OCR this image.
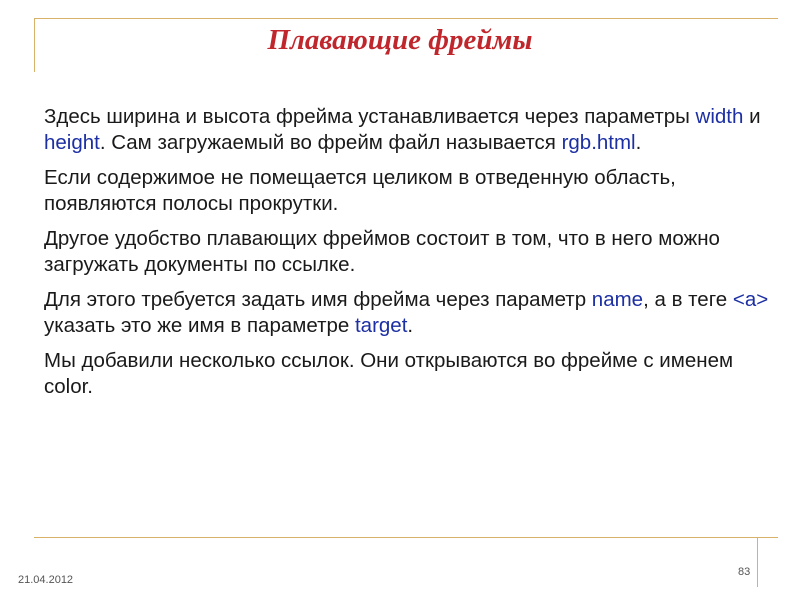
Плавающие фреймы

Здесь ширина и высота фрейма устанавливается через параметры width и height. Сам загружаемый во фрейм файл называется rgb.html.

Если содержимое не помещается целиком в отведенную область, появляются полосы прокрутки.

Другое удобство плавающих фреймов состоит в том, что в него можно загружать документы по ссылке.

Для этого требуется задать имя фрейма через параметр name, а в теге <a> указать это же имя в параметре target.

Мы добавили несколько ссылок. Они открываются во фрейме с именем color.

21.04.2012
83
